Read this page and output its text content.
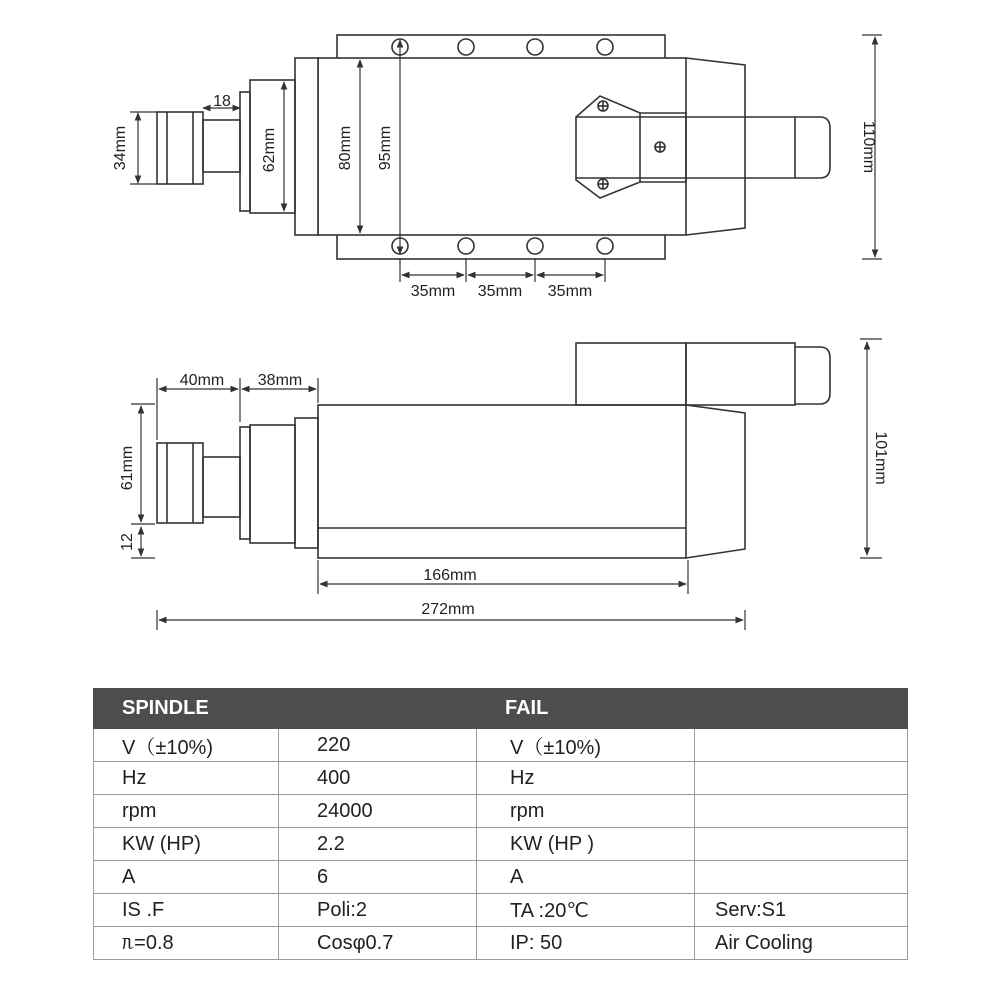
34mm
18
62mm	80mm 95mm	110mm
35mm 35mm 35mm
40mm 38mm
61mm
12
101mm
166mm
272mm
SPINDLE		FAIL	
V（±10%)	220	V（±10%)	
Hz	400	Hz	
rpm	24000	rpm	
KW (HP)	2.2	KW (HP )	
A	6	A	
IS .F	Poli:2	TA :20℃	Serv:S1
ᥰ=0.8	Cosφ0.7	IP: 50	Air Cooling
